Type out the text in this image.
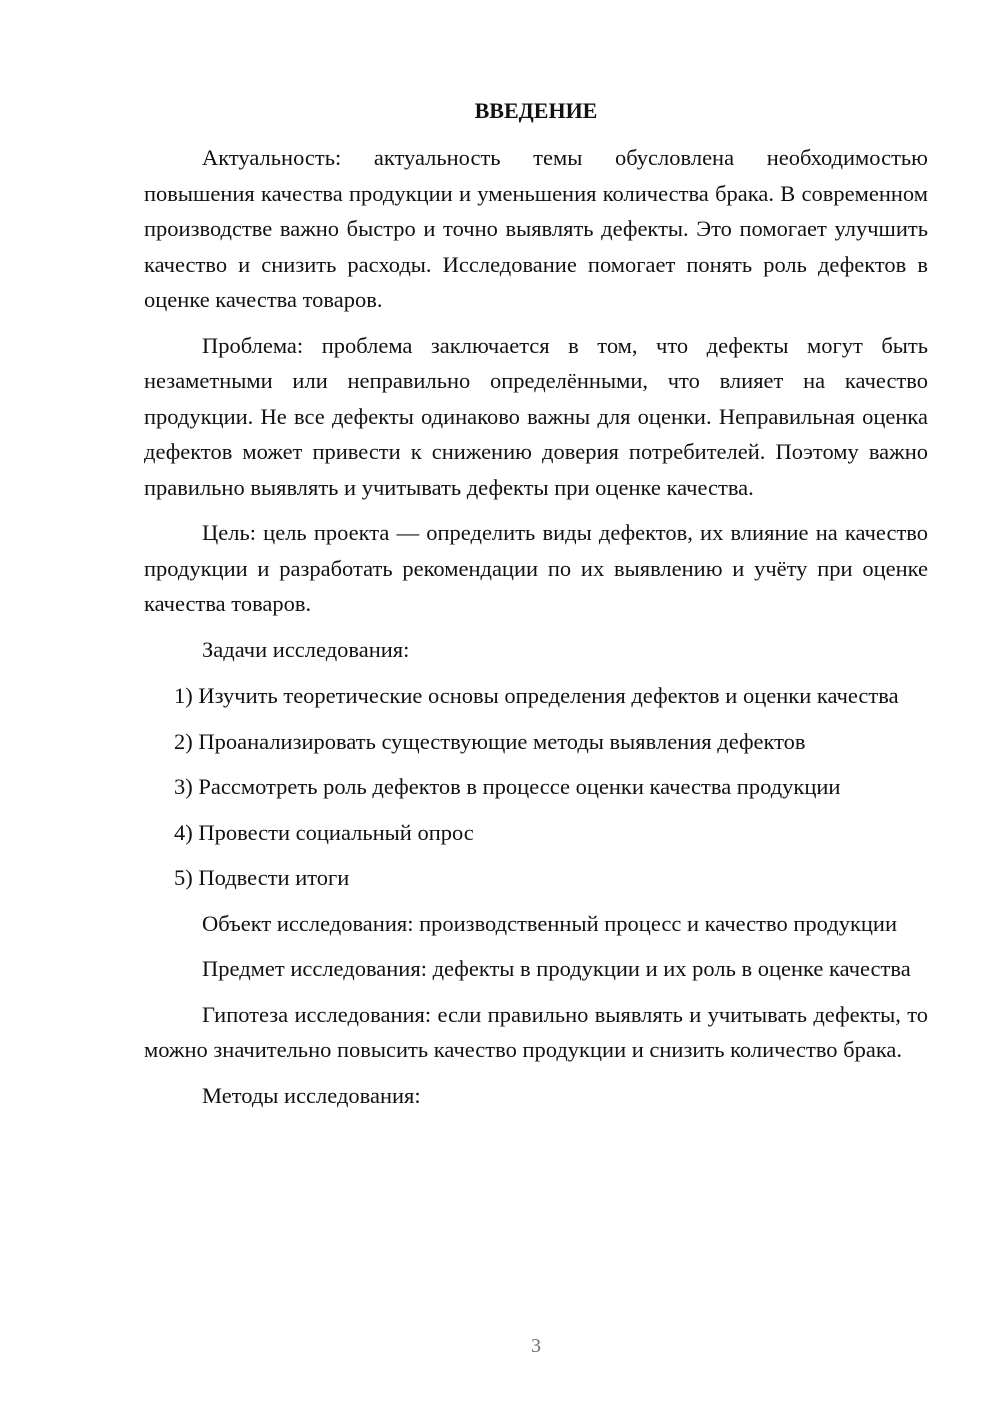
ВВЕДЕНИЕ

Актуальность: актуальность темы обусловлена необходимостью повышения качества продукции и уменьшения количества брака. В современном производстве важно быстро и точно выявлять дефекты. Это помогает улучшить качество и снизить расходы. Исследование помогает понять роль дефектов в оценке качества товаров.

Проблема: проблема заключается в том, что дефекты могут быть незаметными или неправильно определёнными, что влияет на качество продукции. Не все дефекты одинаково важны для оценки. Неправильная оценка дефектов может привести к снижению доверия потребителей. Поэтому важно правильно выявлять и учитывать дефекты при оценке качества.

Цель: цель проекта — определить виды дефектов, их влияние на качество продукции и разработать рекомендации по их выявлению и учёту при оценке качества товаров.

Задачи исследования:

1) Изучить теоретические основы определения дефектов и оценки качества
2) Проанализировать существующие методы выявления дефектов
3) Рассмотреть роль дефектов в процессе оценки качества продукции
4) Провести социальный опрос
5) Подвести итоги

Объект исследования: производственный процесс и качество продукции

Предмет исследования: дефекты в продукции и их роль в оценке качества

Гипотеза исследования: если правильно выявлять и учитывать дефекты, то можно значительно повысить качество продукции и снизить количество брака.

Методы исследования:

3
